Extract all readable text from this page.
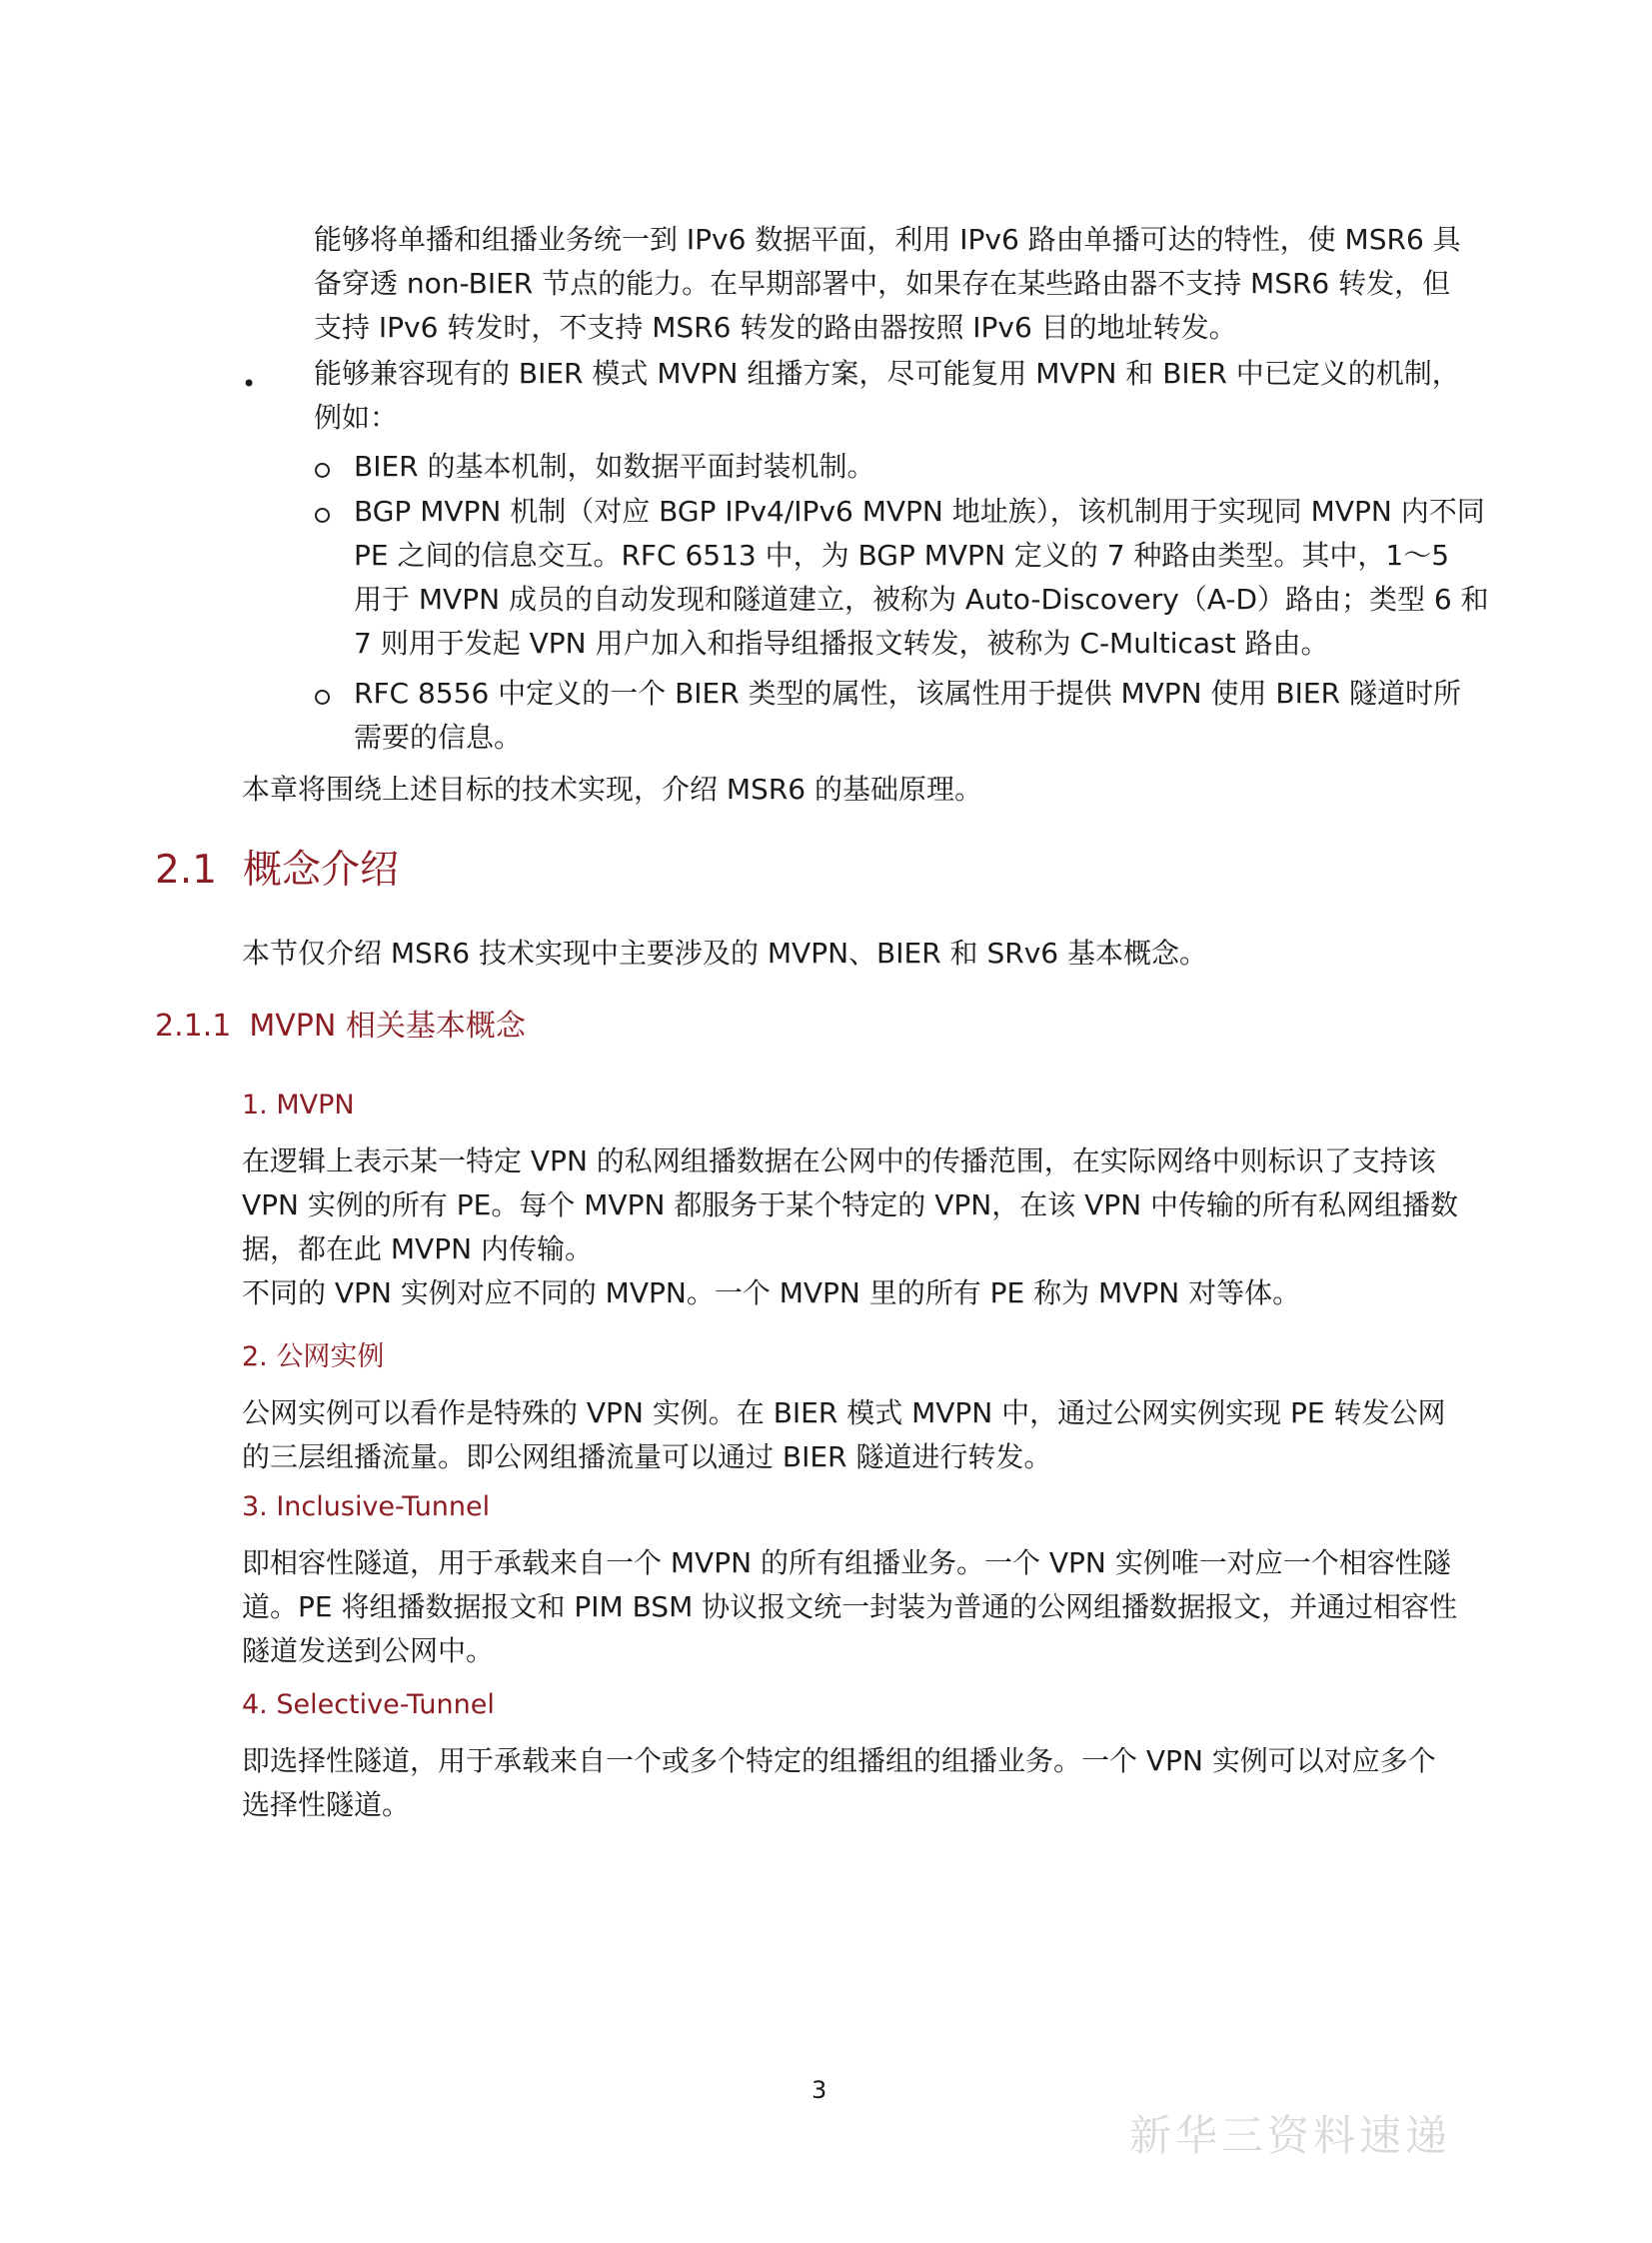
能够将单播和组播业务统一到 IPv6 数据平面，利用 IPv6 路由单播可达的特性，使 MSR6 具

备穿透 non-BIER 节点的能力。在早期部署中，如果存在某些路由器不支持 MSR6 转发，但

支持 IPv6 转发时，不支持 MSR6 转发的路由器按照 IPv6 目的地址转发。

• 能够兼容现有的 BIER 模式 MVPN 组播方案，尽可能复用 MVPN 和 BIER 中已定义的机制，

例如：

BIER 的基本机制，如数据平面封装机制。

BGP MVPN 机制（对应 BGP IPv4/IPv6 MVPN 地址族），该机制用于实现同 MVPN 内不同

PE 之间的信息交互。RFC 6513 中，为 BGP MVPN 定义的 7 种路由类型。其中，1～5

用于 MVPN 成员的自动发现和隧道建立，被称为 Auto-Discovery（A-D）路由；类型 6 和

7 则用于发起 VPN 用户加入和指导组播报文转发，被称为 C-Multicast 路由。

RFC 8556 中定义的一个 BIER 类型的属性，该属性用于提供 MVPN 使用 BIER 隧道时所

需要的信息。

本章将围绕上述目标的技术实现，介绍 MSR6 的基础原理。

2.1 概念介绍

本节仅介绍 MSR6 技术实现中主要涉及的 MVPN、BIER 和 SRv6 基本概念。

2.1.1 MVPN 相关基本概念
1. MVPN

在逻辑上表示某一特定 VPN 的私网组播数据在公网中的传播范围，在实际网络中则标识了支持该

VPN 实例的所有 PE。每个 MVPN 都服务于某个特定的 VPN，在该 VPN 中传输的所有私网组播数

据，都在此 MVPN 内传输。

不同的 VPN 实例对应不同的 MVPN。一个 MVPN 里的所有 PE 称为 MVPN 对等体。

2. 公网实例

公网实例可以看作是特殊的 VPN 实例。在 BIER 模式 MVPN 中，通过公网实例实现 PE 转发公网

的三层组播流量。即公网组播流量可以通过 BIER 隧道进行转发。

3. Inclusive-Tunnel

即相容性隧道，用于承载来自一个 MVPN 的所有组播业务。一个 VPN 实例唯一对应一个相容性隧

道。PE 将组播数据报文和 PIM BSM 协议报文统一封装为普通的公网组播数据报文，并通过相容性

隧道发送到公网中。

4. Selective-Tunnel

即选择性隧道，用于承载来自一个或多个特定的组播组的组播业务。一个 VPN 实例可以对应多个

选择性隧道。

3
新华三资料速递
